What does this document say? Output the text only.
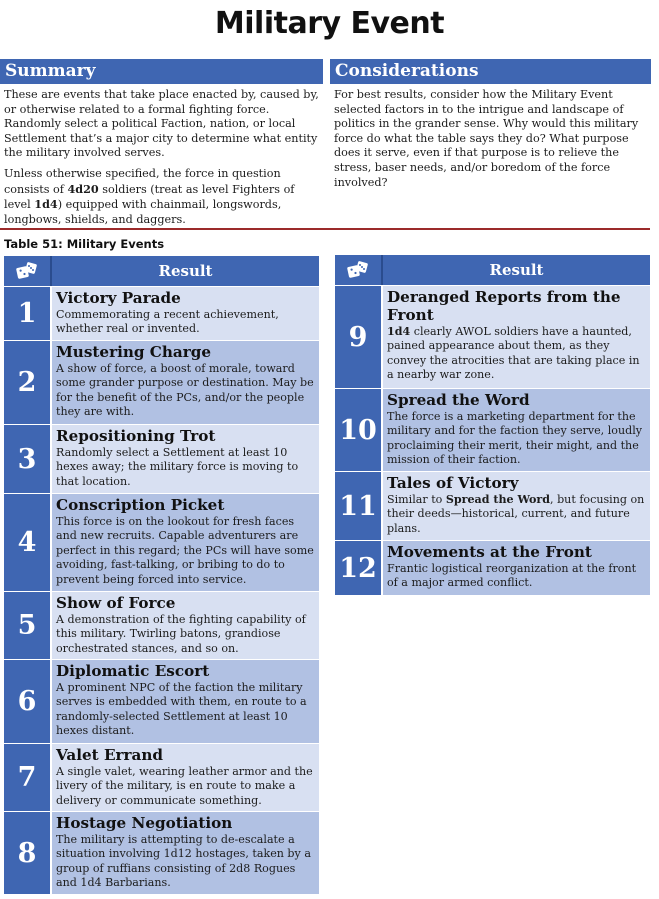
Military Event
Summary

These are events that take place enacted by, caused by, or otherwise related to a formal fighting force. Randomly select a political Faction, nation, or local Settlement that’s a major city to determine what entity the military involved serves.

Unless otherwise specified, the force in question consists of 4d20 soldiers (treat as level Fighters of level 1d4) equipped with chainmail, longswords, longbows, shields, and daggers.

Considerations

For best results, consider how the Military Event selected factors in to the intrigue and landscape of politics in the grander sense. Why would this military force do what the table says they do? What purpose does it serve, even if that purpose is to relieve the stress, baser needs, and/or boredom of the force involved?

Table 51: Military Events
Result	Result
1	Victory Parade
Commemorating a recent achievement, whether real or invented.
2
Mustering Charge
A show of force, a boost of morale, toward some grander purpose or destination. May be for the benefit of the PCs, and/or the people they are with.
3
Repositioning Trot
Randomly select a Settlement at least 10 hexes away; the military force is moving to that location.
4
Conscription Picket
This force is on the lookout for fresh faces and new recruits. Capable adventurers are perfect in this regard; the PCs will have some avoiding, fast-talking, or bribing to do to prevent being forced into service.
5
Show of Force
A demonstration of the fighting capability of this military. Twirling batons, grandiose orchestrated stances, and so on.
6
Diplomatic Escort
A prominent NPC of the faction the military serves is embedded with them, en route to a randomly-selected Settlement at least 10 hexes distant.
7
Valet Errand
A single valet, wearing leather armor and the livery of the military, is en route to make a delivery or communicate something.
8
Hostage Negotiation
The military is attempting to de-escalate a situation involving 1d12 hostages, taken by a group of ruffians consisting of 2d8 Rogues and 1d4 Barbarians.
9
Deranged Reports from the Front
1d4 clearly AWOL soldiers have a haunted, pained appearance about them, as they convey the atrocities that are taking place in a nearby war zone.
10
Spread the Word
The force is a marketing department for the military and for the faction they serve, loudly proclaiming their merit, their might, and the mission of their faction.
11
Tales of Victory
Similar to Spread the Word, but focusing on their deeds—historical, current, and future plans.
12
Movements at the Front
Frantic logistical reorganization at the front of a major armed conflict.
